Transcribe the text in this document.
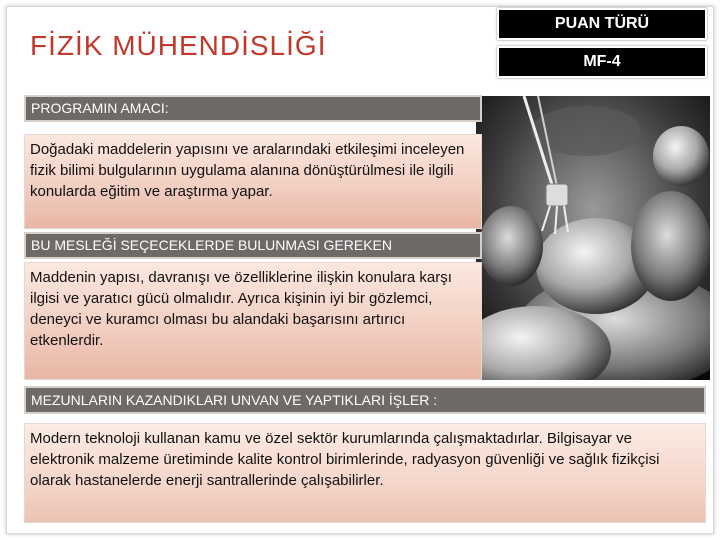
FİZİK MÜHENDİSLİĞİ
PUAN TÜRÜ
MF-4
PROGRAMIN AMACI:
Doğadaki maddelerin yapısını ve aralarındaki etkileşimi inceleyen fizik bilimi bulgularının uygulama alanına dönüştürülmesi ile ilgili konularda eğitim ve araştırma yapar.
BU MESLEĞİ SEÇECEKLERDE BULUNMASI GEREKEN
Maddenin yapısı, davranışı ve özelliklerine ilişkin konulara karşı ilgisi ve yaratıcı gücü olmalıdır. Ayrıca kişinin iyi bir gözlemci, deneyci ve kuramcı olması bu alandaki başarısını artırıcı etkenlerdir.
MEZUNLARIN KAZANDIKLARI UNVAN VE YAPTIKLARI İŞLER :
Modern teknoloji kullanan kamu ve özel sektör kurumlarında çalışmaktadırlar. Bilgisayar ve elektronik malzeme üretiminde kalite kontrol birimlerinde, radyasyon güvenliği ve sağlık fizikçisi olarak hastanelerde enerji santrallerinde çalışabilirler.
